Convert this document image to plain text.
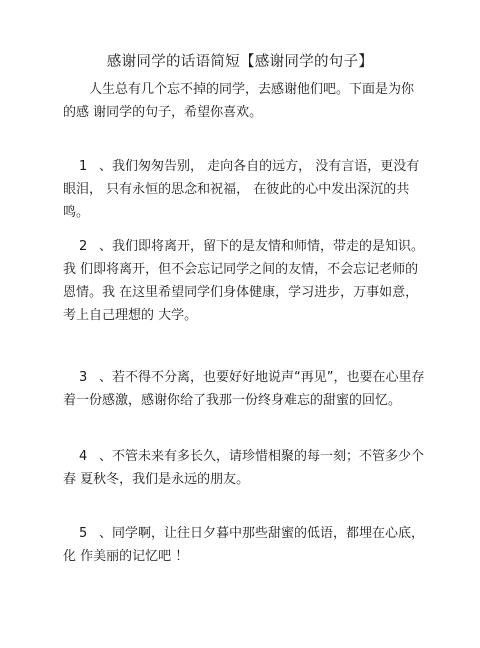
感谢同学的话语简短【感谢同学的句子】
人生总有几个忘不掉的同学，去感谢他们吧。下面是为你的感 谢同学的句子，希望你喜欢。
1 、我们匆匆告别， 走向各自的远方， 没有言语，更没有眼泪， 只有永恒的思念和祝福， 在彼此的心中发出深沉的共鸣。
2 、我们即将离开，留下的是友情和师情，带走的是知识。我 们即将离开，但不会忘记同学之间的友情，不会忘记老师的恩情。我 在这里希望同学们身体健康，学习进步，万事如意，考上自己理想的 大学。
3 、若不得不分离，也要好好地说声“再见”，也要在心里存 着一份感激，感谢你给了我那一份终身难忘的甜蜜的回忆。
4 、不管未来有多长久，请珍惜相聚的每一刻；不管多少个春 夏秋冬，我们是永远的朋友。
5 、同学啊，让往日夕暮中那些甜蜜的低语，都埋在心底，化 作美丽的记忆吧 ！
